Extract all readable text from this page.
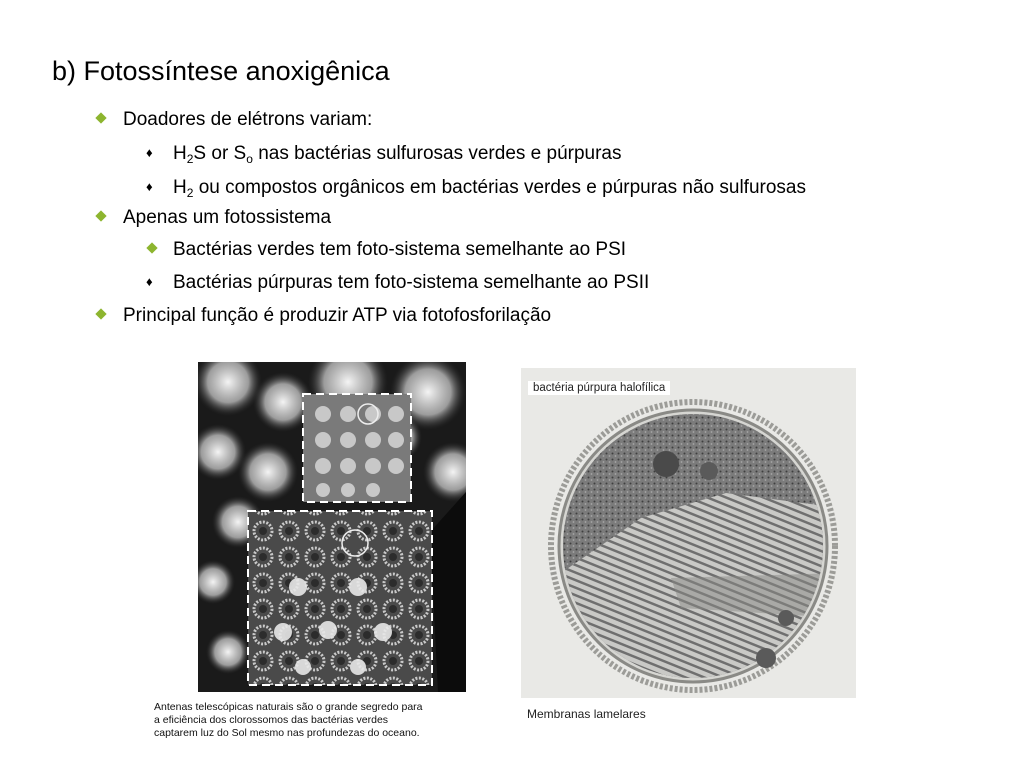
b) Fotossíntese anoxigênica
Doadores de elétrons variam:
♦ $H_2S$ or $S_o$ nas bactérias sulfurosas verdes e púrpuras
♦ $H_2$ ou compostos orgânicos em bactérias verdes e púrpuras não sulfurosas
Apenas um fotossistema
Bactérias verdes tem foto-sistema semelhante ao PSI
♦ Bactérias púrpuras tem foto-sistema semelhante ao PSII
Principal função é produzir ATP via fotofosforilação
Antenas telescópicas naturais são o grande segredo para
a eficiência dos clorossomos das bactérias verdes
captarem luz do Sol mesmo nas profundezas do oceano.
bactéria púrpura halofílica
Membranas lamelares
